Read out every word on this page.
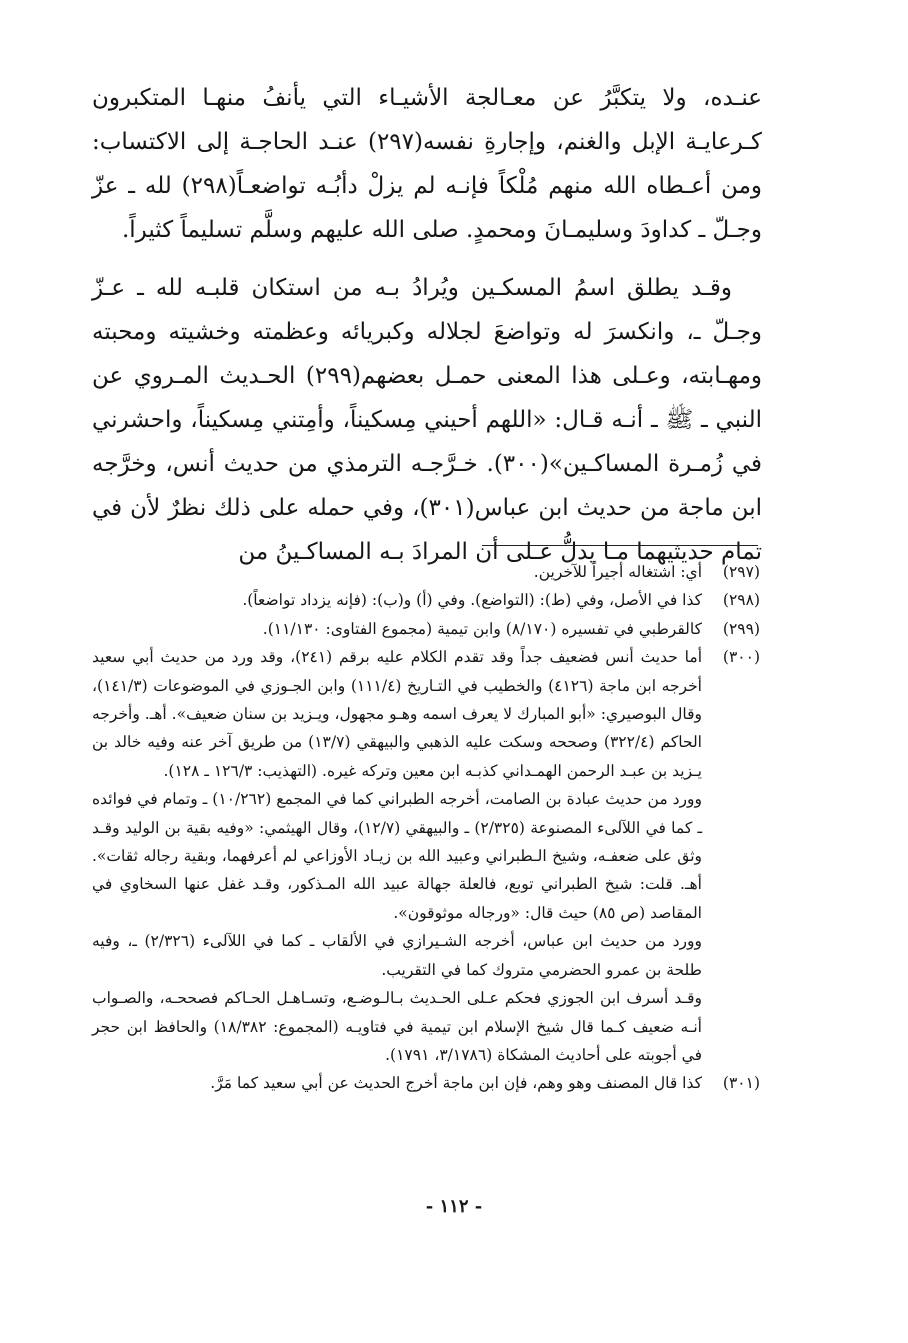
عنـده، ولا يتكبَّرُ عن معـالجة الأشيـاء التي يأنفُ منهـا المتكبرون كـرعايـة الإبل والغنم، وإجارةِ نفسه(٢٩٧) عنـد الحاجـة إلى الاكتساب: ومن أعـطاه الله منهم مُلْكاً فإنـه لم يزلْ دأبُـه تواضعـاً(٢٩٨) لله ـ عزّ وجـلّ ـ كداودَ وسليمـانَ ومحمدٍ. صلى الله عليهم وسلَّم تسليماً كثيراً.

وقـد يطلق اسمُ المسكـين ويُرادُ بـه من استكان قلبـه لله ـ عـزّ وجـلّ ـ، وانكسرَ له وتواضعَ لجلاله وكبريائه وعظمته وخشيته ومحبته ومهـابته، وعـلى هذا المعنى حمـل بعضهم(٢٩٩) الحـديث المـروي عن النبي ـ ﷺ ـ أنـه قـال: «اللهم أحيني مِسكيناً، وأمِتني مِسكيناً، واحشرني في زُمـرة المساكـين»(٣٠٠). خـرَّجـه الترمذي من حديث أنس، وخرَّجه ابن ماجة من حديث ابن عباس(٣٠١)، وفي حمله على ذلك نظرٌ لأن في تمام حديثيهما مـا يدلُّ عـلى أن المرادَ بـه المساكـينُ من

(٢٩٧)

أي: اشتغاله أجيراً للآخرين.

(٢٩٨)

كذا في الأصل، وفي (ط): (التواضع). وفي (أ) و(ب): (فإنه يزداد تواضعاً).

(٢٩٩)

كالقرطبي في تفسيره (٨/١٧٠) وابن تيمية (مجموع الفتاوى: ١١/١٣٠).

(٣٠٠)

أما حديث أنس فضعيف جداً وقد تقدم الكلام عليه برقم (٢٤١)، وقد ورد من حديث أبي سعيد أخرجه ابن ماجة (٤١٢٦) والخطيب في التـاريخ (١١١/٤) وابن الجـوزي في الموضوعات (١٤١/٣)، وقال البوصيري: «أبو المبارك لا يعرف اسمه وهـو مجهول، ويـزيد بن سنان ضعيف». أهـ. وأخرجه الحاكم (٣٢٢/٤) وصححه وسكت عليه الذهبي والبيهقي (١٣/٧) من طريق آخر عنه وفيه خالد بن يـزيد بن عبـد الرحمن الهمـداني كذبـه ابن معين وتركه غيره. (التهذيب: ١٢٦/٣ ـ ١٢٨).

وورد من حديث عبادة بن الصامت، أخرجه الطبراني كما في المجمع (١٠/٢٦٢) ـ وتمام في فوائده ـ كما في اللآلىء المصنوعة (٢/٣٢٥) ـ والبيهقي (١٢/٧)، وقال الهيثمي: «وفيه بقية بن الوليد وقـد وثق على ضعفـه، وشيخ الـطبراني وعبيد الله بن زيـاد الأوزاعي لم أعرفهما، وبقية رجاله ثقات». أهـ. قلت: شيخ الطبراني توبع، فالعلة جهالة عبيد الله المـذكور، وقـد غفل عنها السخاوي في المقاصد (ص ٨٥) حيث قال: «ورجاله موثوقون».

وورد من حديث ابن عباس، أخرجه الشـيرازي في الألقاب ـ كما في اللآلىء (٢/٣٢٦) ـ، وفيه طلحة بن عمرو الحضرمي متروك كما في التقريب.

وقـد أسرف ابن الجوزي فحكم عـلى الحـديث بـالـوضـع، وتسـاهـل الحـاكم فصححـه، والصـواب أنـه ضعيف كـما قال شيخ الإسلام ابن تيمية في فتاويـه (المجموع: ١٨/٣٨٢) والحافظ ابن حجر في أجوبته على أحاديث المشكاة (٣/١٧٨٦، ١٧٩١).

(٣٠١)

كذا قال المصنف وهو وهم، فإن ابن ماجة أخرج الحديث عن أبي سعيد كما مَرَّ.

- ١١٢ -
